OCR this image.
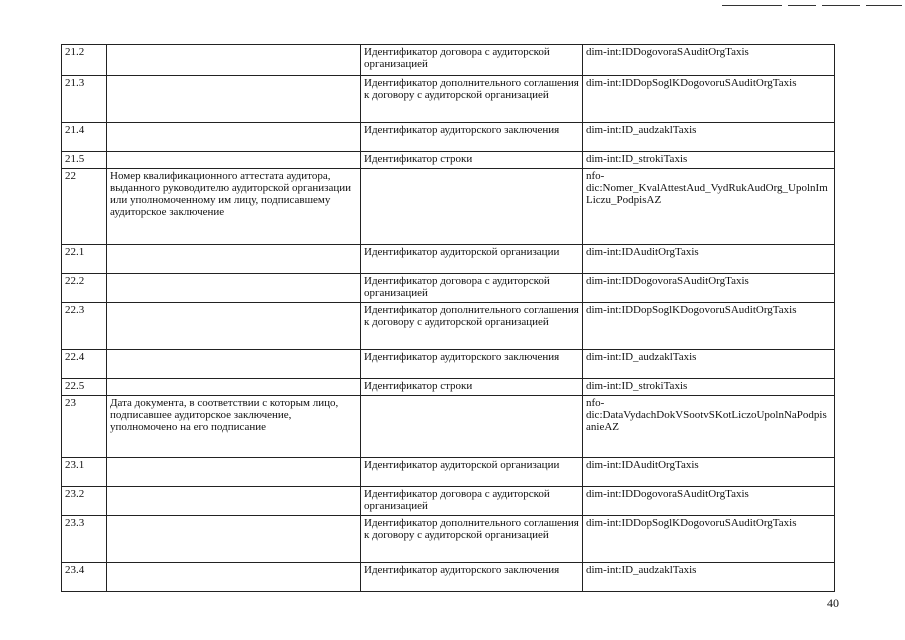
21.2		Идентификатор договора с аудиторской организацией	dim-int:IDDogovoraSAuditOrgTaxis
21.3		Идентификатор дополнительного соглашения к договору с аудиторской организацией	dim-int:IDDopSoglKDogovoruSAuditOrgTaxis
21.4		Идентификатор аудиторского заключения	dim-int:ID_audzaklTaxis
21.5		Идентификатор строки	dim-int:ID_strokiTaxis
22	Номер квалификационного аттестата аудитора, выданного руководителю аудиторской организации или уполномоченному им лицу, подписавшему аудиторское заключение		nfo-dic:Nomer_KvalAttestAud_VydRukAudOrg_UpolnImLiczu_PodpisAZ
22.1		Идентификатор аудиторской организации	dim-int:IDAuditOrgTaxis
22.2		Идентификатор договора с аудиторской организацией	dim-int:IDDogovoraSAuditOrgTaxis
22.3		Идентификатор дополнительного соглашения к договору с аудиторской организацией	dim-int:IDDopSoglKDogovoruSAuditOrgTaxis
22.4		Идентификатор аудиторского заключения	dim-int:ID_audzaklTaxis
22.5		Идентификатор строки	dim-int:ID_strokiTaxis
23	Дата документа, в соответствии с которым лицо, подписавшее аудиторское заключение, уполномочено на его подписание		nfo-dic:DataVydachDokVSootvSKotLiczoUpolnNaPodpisanieAZ
23.1		Идентификатор аудиторской организации	dim-int:IDAuditOrgTaxis
23.2		Идентификатор договора с аудиторской организацией	dim-int:IDDogovoraSAuditOrgTaxis
23.3		Идентификатор дополнительного соглашения к договору с аудиторской организацией	dim-int:IDDopSoglKDogovoruSAuditOrgTaxis
23.4		Идентификатор аудиторского заключения	dim-int:ID_audzaklTaxis
40
